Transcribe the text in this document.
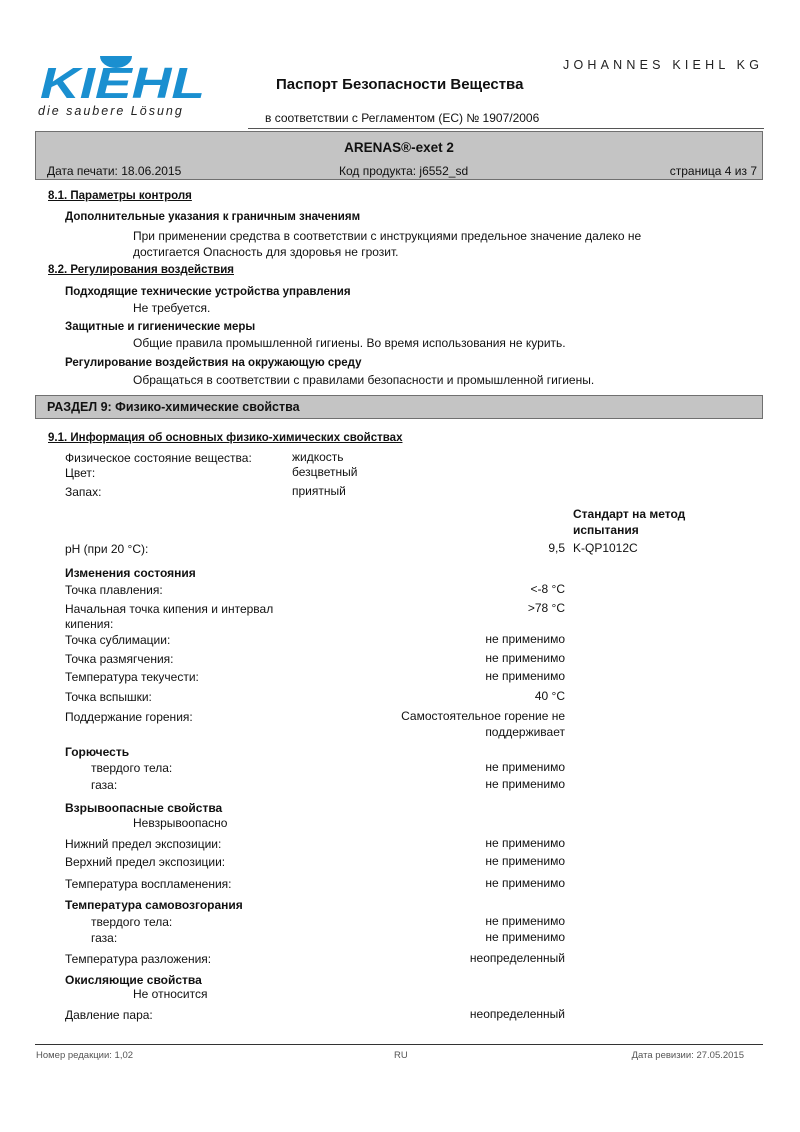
KIEHL
die saubere Lösung
JOHANNES KIEHL KG
Паспорт Безопасности Вещества
в соответствии с Регламентом (ЕС) № 1907/2006
ARENAS®-exet 2
Дата печати: 18.06.2015	Код продукта: j6552_sd	страница 4 из 7
8.1. Параметры контроля
Дополнительные указания к граничным значениям
При применении средства в соответствии с инструкциями предельное значение далеко не
достигается Опасность для здоровья не грозит.
8.2. Регулирования воздействия
Подходящие технические устройства управления
Не требуется.
Защитные и гигиенические меры
Общие правила промышленной гигиены. Во время использования не курить.
Регулирование воздействия на окружающую среду
Обращаться в соответствии с правилами безопасности и промышленной гигиены.
РАЗДЕЛ 9: Физико-химические свойства
9.1. Информация об основных физико-химических свойствах
Физическое состояние вещества:	жидкость
Цвет:	безцветный
Запах:	приятный
Стандарт на метод
испытания
pH (при 20 °C):	9,5 K-QP1012C
Изменения состояния
Точка плавления:	<-8 °C
Начальная точка кипения и интервал
кипения:
>78 °C
Точка сублимации:	не применимо
Точка размягчения:	не применимо
Температура текучести:	не применимо
Точка вспышки:	40 °C
Поддержание горения:	Самостоятельное горение не
поддерживает
Горючесть
твердого тела:	не применимо
газа:	не применимо
Взрывоопасные свойства
Невзрывоопасно
Нижний предел экспозиции:	не применимо
Верхний предел экспозиции:	не применимо
Температура воспламенения:	не применимо
Температура самовозгорания
твердого тела:	не применимо
газа:	не применимо
Температура разложения:	неопределенный
Окисляющие свойства
Не относится
Давление пара:	неопределенный
Номер редакции: 1,02	RU	Дата ревизии: 27.05.2015
